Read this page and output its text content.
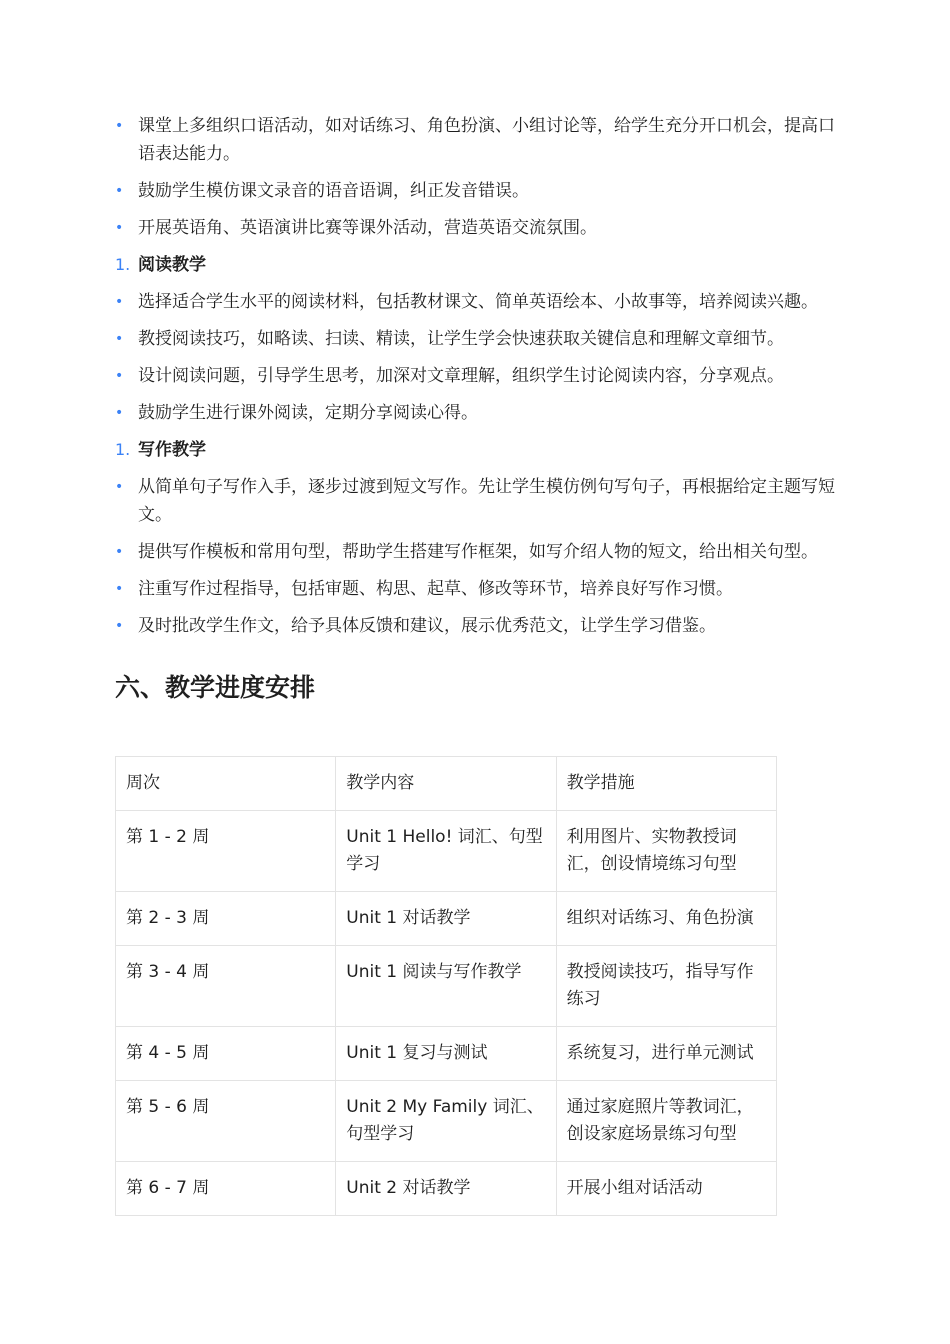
• 课堂上多组织口语活动，如对话练习、角色扮演、小组讨论等，给学生充分开口机会，提高口语表达能力。
• 鼓励学生模仿课文录音的语音语调，纠正发音错误。
• 开展英语角、英语演讲比赛等课外活动，营造英语交流氛围。
1. 阅读教学
• 选择适合学生水平的阅读材料，包括教材课文、简单英语绘本、小故事等，培养阅读兴趣。
• 教授阅读技巧，如略读、扫读、精读，让学生学会快速获取关键信息和理解文章细节。
• 设计阅读问题，引导学生思考，加深对文章理解，组织学生讨论阅读内容，分享观点。
• 鼓励学生进行课外阅读，定期分享阅读心得。
1. 写作教学
• 从简单句子写作入手，逐步过渡到短文写作。先让学生模仿例句写句子，再根据给定主题写短文。
• 提供写作模板和常用句型，帮助学生搭建写作框架，如写介绍人物的短文，给出相关句型。
• 注重写作过程指导，包括审题、构思、起草、修改等环节，培养良好写作习惯。
• 及时批改学生作文，给予具体反馈和建议，展示优秀范文，让学生学习借鉴。
六、教学进度安排
周次	教学内容	教学措施
第 1 - 2 周	Unit 1 Hello! 词汇、句型学习	利用图片、实物教授词汇，创设情境练习句型
第 2 - 3 周	Unit 1 对话教学	组织对话练习、角色扮演
第 3 - 4 周	Unit 1 阅读与写作教学	教授阅读技巧，指导写作练习
第 4 - 5 周	Unit 1 复习与测试	系统复习，进行单元测试
第 5 - 6 周	Unit 2 My Family 词汇、句型学习	通过家庭照片等教词汇，创设家庭场景练习句型
第 6 - 7 周	Unit 2 对话教学	开展小组对话活动
